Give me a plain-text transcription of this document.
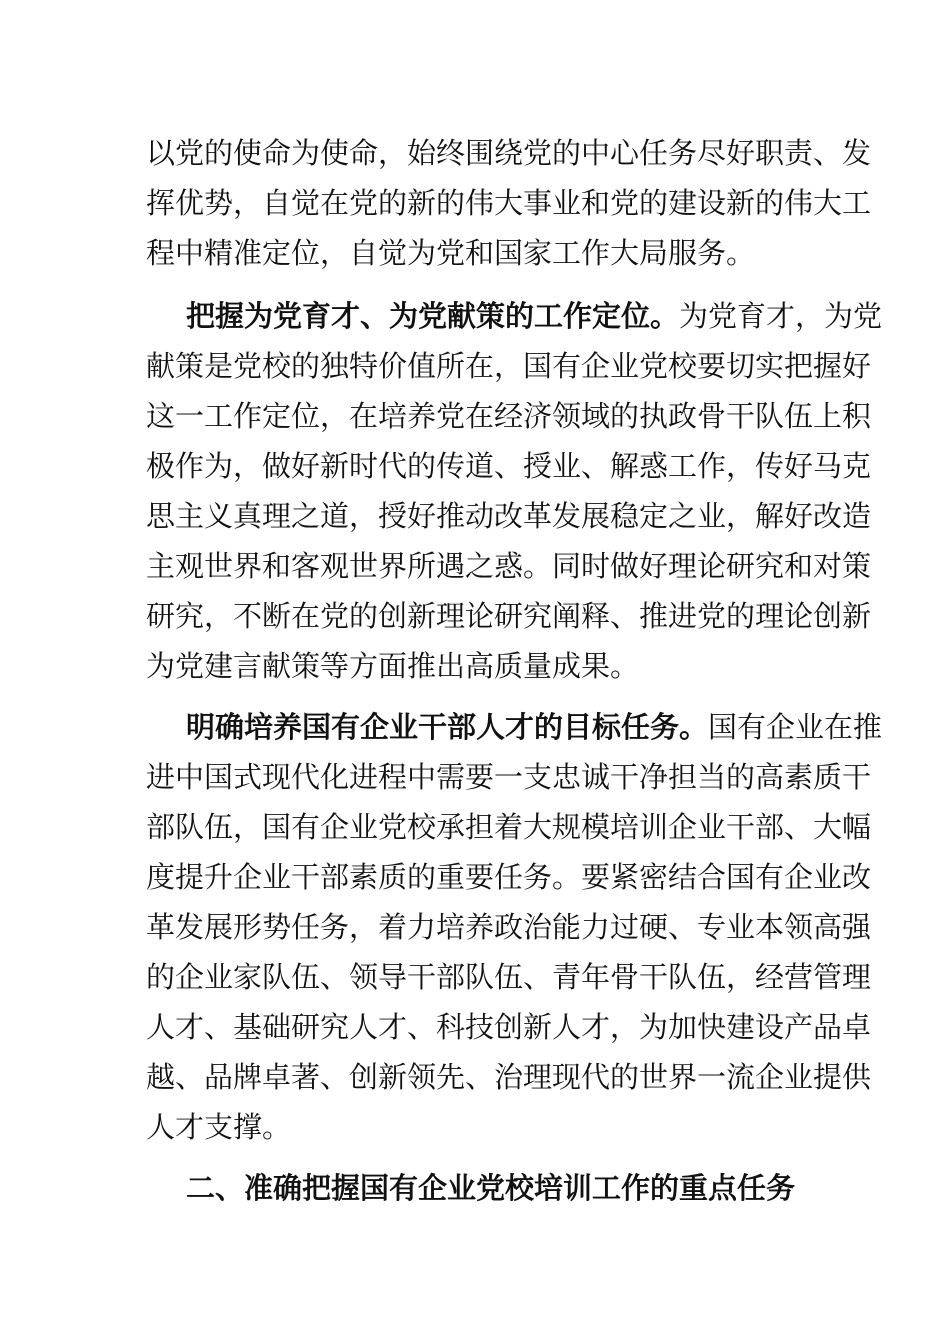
以党的使命为使命，始终围绕党的中心任务尽好职责、发
挥优势，自觉在党的新的伟大事业和党的建设新的伟大工
程中精准定位，自觉为党和国家工作大局服务。
把握为党育才、为党献策的工作定位。为党育才，为党
献策是党校的独特价值所在，国有企业党校要切实把握好
这一工作定位，在培养党在经济领域的执政骨干队伍上积
极作为，做好新时代的传道、授业、解惑工作，传好马克
思主义真理之道，授好推动改革发展稳定之业，解好改造
主观世界和客观世界所遇之惑。同时做好理论研究和对策
研究，不断在党的创新理论研究阐释、推进党的理论创新
为党建言献策等方面推出高质量成果。
明确培养国有企业干部人才的目标任务。国有企业在推
进中国式现代化进程中需要一支忠诚干净担当的高素质干
部队伍，国有企业党校承担着大规模培训企业干部、大幅
度提升企业干部素质的重要任务。要紧密结合国有企业改
革发展形势任务，着力培养政治能力过硬、专业本领高强
的企业家队伍、领导干部队伍、青年骨干队伍，经营管理
人才、基础研究人才、科技创新人才，为加快建设产品卓
越、品牌卓著、创新领先、治理现代的世界一流企业提供
人才支撑。
二、准确把握国有企业党校培训工作的重点任务
